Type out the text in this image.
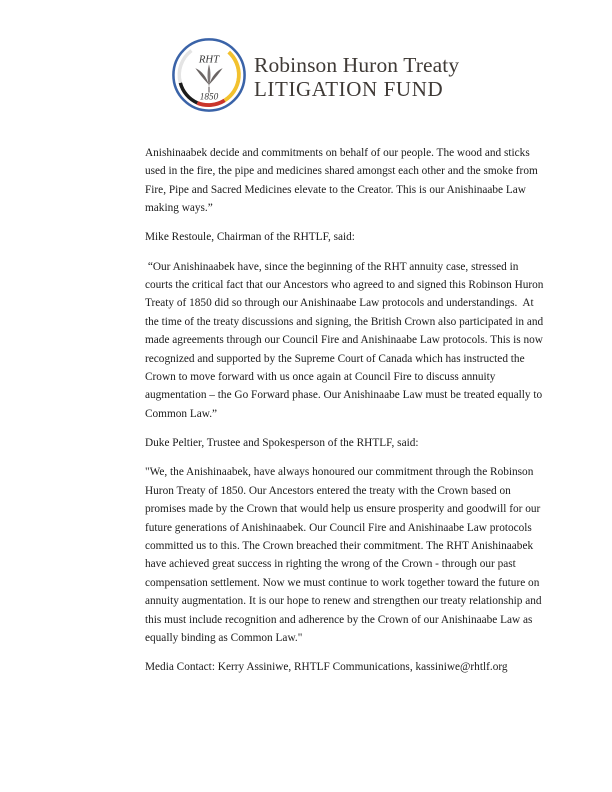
RHT
1850
Robinson Huron Treaty
LITIGATION FUND

Anishinaabek decide and commitments on behalf of our people. The wood and sticks used in the fire, the pipe and medicines shared amongst each other and the smoke from Fire, Pipe and Sacred Medicines elevate to the Creator. This is our Anishinaabe Law making ways.”

Mike Restoule, Chairman of the RHTLF, said:

“Our Anishinaabek have, since the beginning of the RHT annuity case, stressed in courts the critical fact that our Ancestors who agreed to and signed this Robinson Huron Treaty of 1850 did so through our Anishinaabe Law protocols and understandings.  At the time of the treaty discussions and signing, the British Crown also participated in and made agreements through our Council Fire and Anishinaabe Law protocols. This is now recognized and supported by the Supreme Court of Canada which has instructed the Crown to move forward with us once again at Council Fire to discuss annuity augmentation – the Go Forward phase. Our Anishinaabe Law must be treated equally to Common Law.”

Duke Peltier, Trustee and Spokesperson of the RHTLF, said:

"We, the Anishinaabek, have always honoured our commitment through the Robinson Huron Treaty of 1850. Our Ancestors entered the treaty with the Crown based on promises made by the Crown that would help us ensure prosperity and goodwill for our future generations of Anishinaabek. Our Council Fire and Anishinaabe Law protocols committed us to this. The Crown breached their commitment. The RHT Anishinaabek have achieved great success in righting the wrong of the Crown - through our past compensation settlement. Now we must continue to work together toward the future on annuity augmentation. It is our hope to renew and strengthen our treaty relationship and this must include recognition and adherence by the Crown of our Anishinaabe Law as equally binding as Common Law."

Media Contact: Kerry Assiniwe, RHTLF Communications, kassiniwe@rhtlf.org
